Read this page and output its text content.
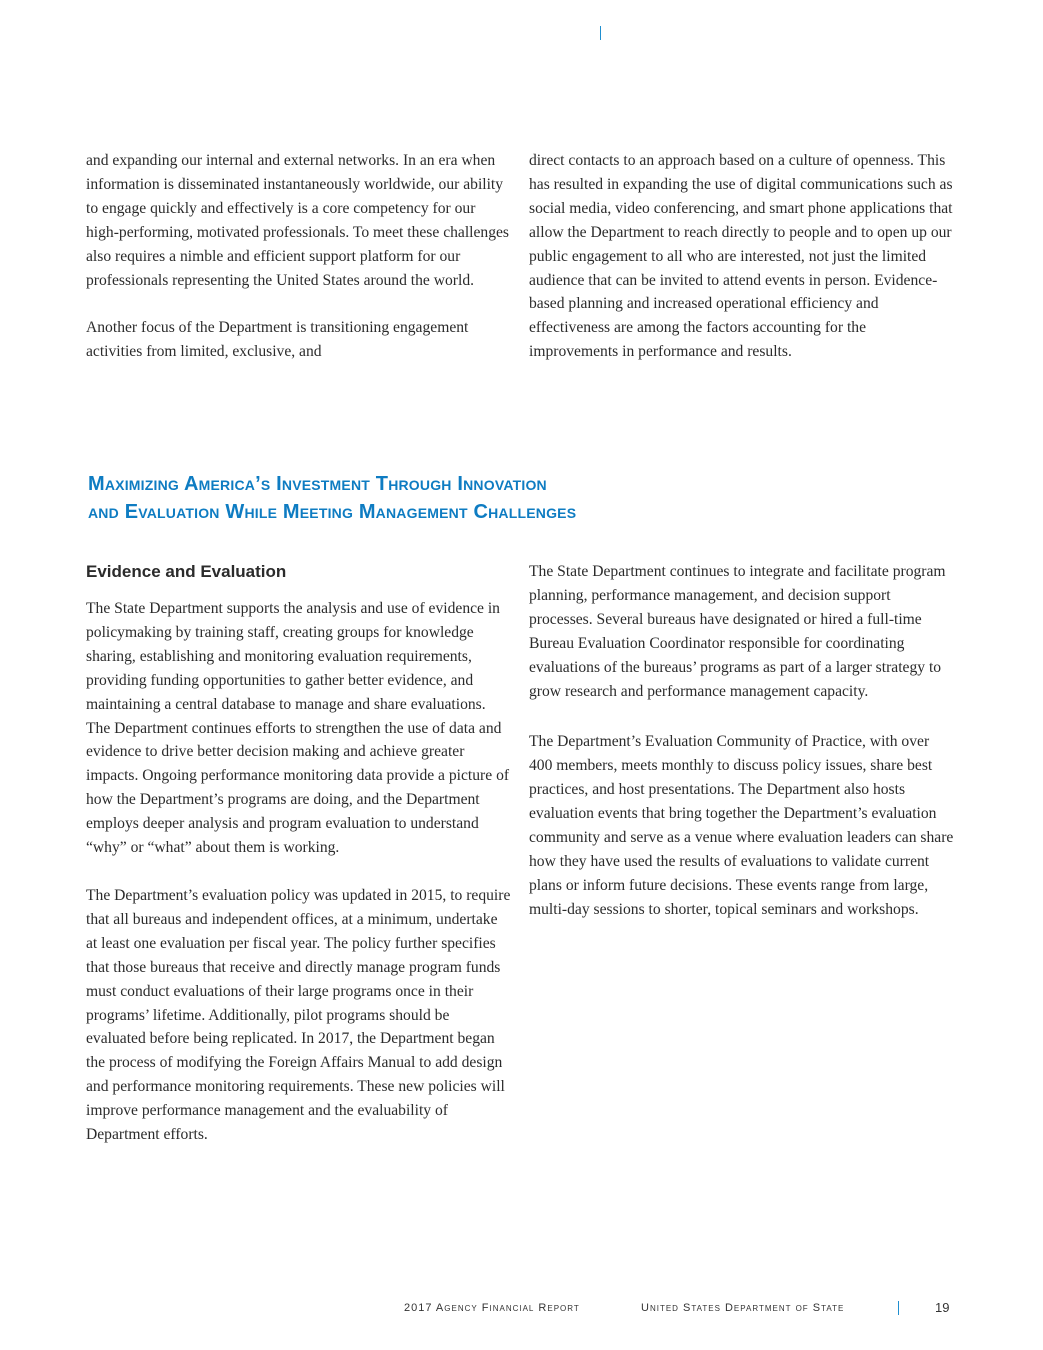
and expanding our internal and external networks. In an era when information is disseminated instantaneously worldwide, our ability to engage quickly and effectively is a core competency for our high-performing, motivated professionals. To meet these challenges also requires a nimble and efficient support platform for our professionals representing the United States around the world.

Another focus of the Department is transitioning engagement activities from limited, exclusive, and

direct contacts to an approach based on a culture of openness. This has resulted in expanding the use of digital communications such as social media, video conferencing, and smart phone applications that allow the Department to reach directly to people and to open up our public engagement to all who are interested, not just the limited audience that can be invited to attend events in person. Evidence-based planning and increased operational efficiency and effectiveness are among the factors accounting for the improvements in performance and results.

Maximizing America’s Investment Through Innovation
and Evaluation While Meeting Management Challenges
Evidence and Evaluation

The State Department supports the analysis and use of evidence in policymaking by training staff, creating groups for knowledge sharing, establishing and monitoring evaluation requirements, providing funding opportunities to gather better evidence, and maintaining a central database to manage and share evaluations. The Department continues efforts to strengthen the use of data and evidence to drive better decision making and achieve greater impacts. Ongoing performance monitoring data provide a picture of how the Department’s programs are doing, and the Department employs deeper analysis and program evaluation to understand “why” or “what” about them is working.

The Department’s evaluation policy was updated in 2015, to require that all bureaus and independent offices, at a minimum, undertake at least one evaluation per fiscal year. The policy further specifies that those bureaus that receive and directly manage program funds must conduct evaluations of their large programs once in their programs’ lifetime. Additionally, pilot programs should be evaluated before being replicated. In 2017, the Department began the process of modifying the Foreign Affairs Manual to add design and performance monitoring requirements. These new policies will improve performance management and the evaluability of Department efforts.

The State Department continues to integrate and facilitate program planning, performance management, and decision support processes. Several bureaus have designated or hired a full-time Bureau Evaluation Coordinator responsible for coordinating evaluations of the bureaus’ programs as part of a larger strategy to grow research and performance management capacity.

The Department’s Evaluation Community of Practice, with over 400 members, meets monthly to discuss policy issues, share best practices, and host presentations. The Department also hosts evaluation events that bring together the Department’s evaluation community and serve as a venue where evaluation leaders can share how they have used the results of evaluations to validate current plans or inform future decisions. These events range from large, multi-day sessions to shorter, topical seminars and workshops.

2017 Agency Financial Report	United States Department of State	19
